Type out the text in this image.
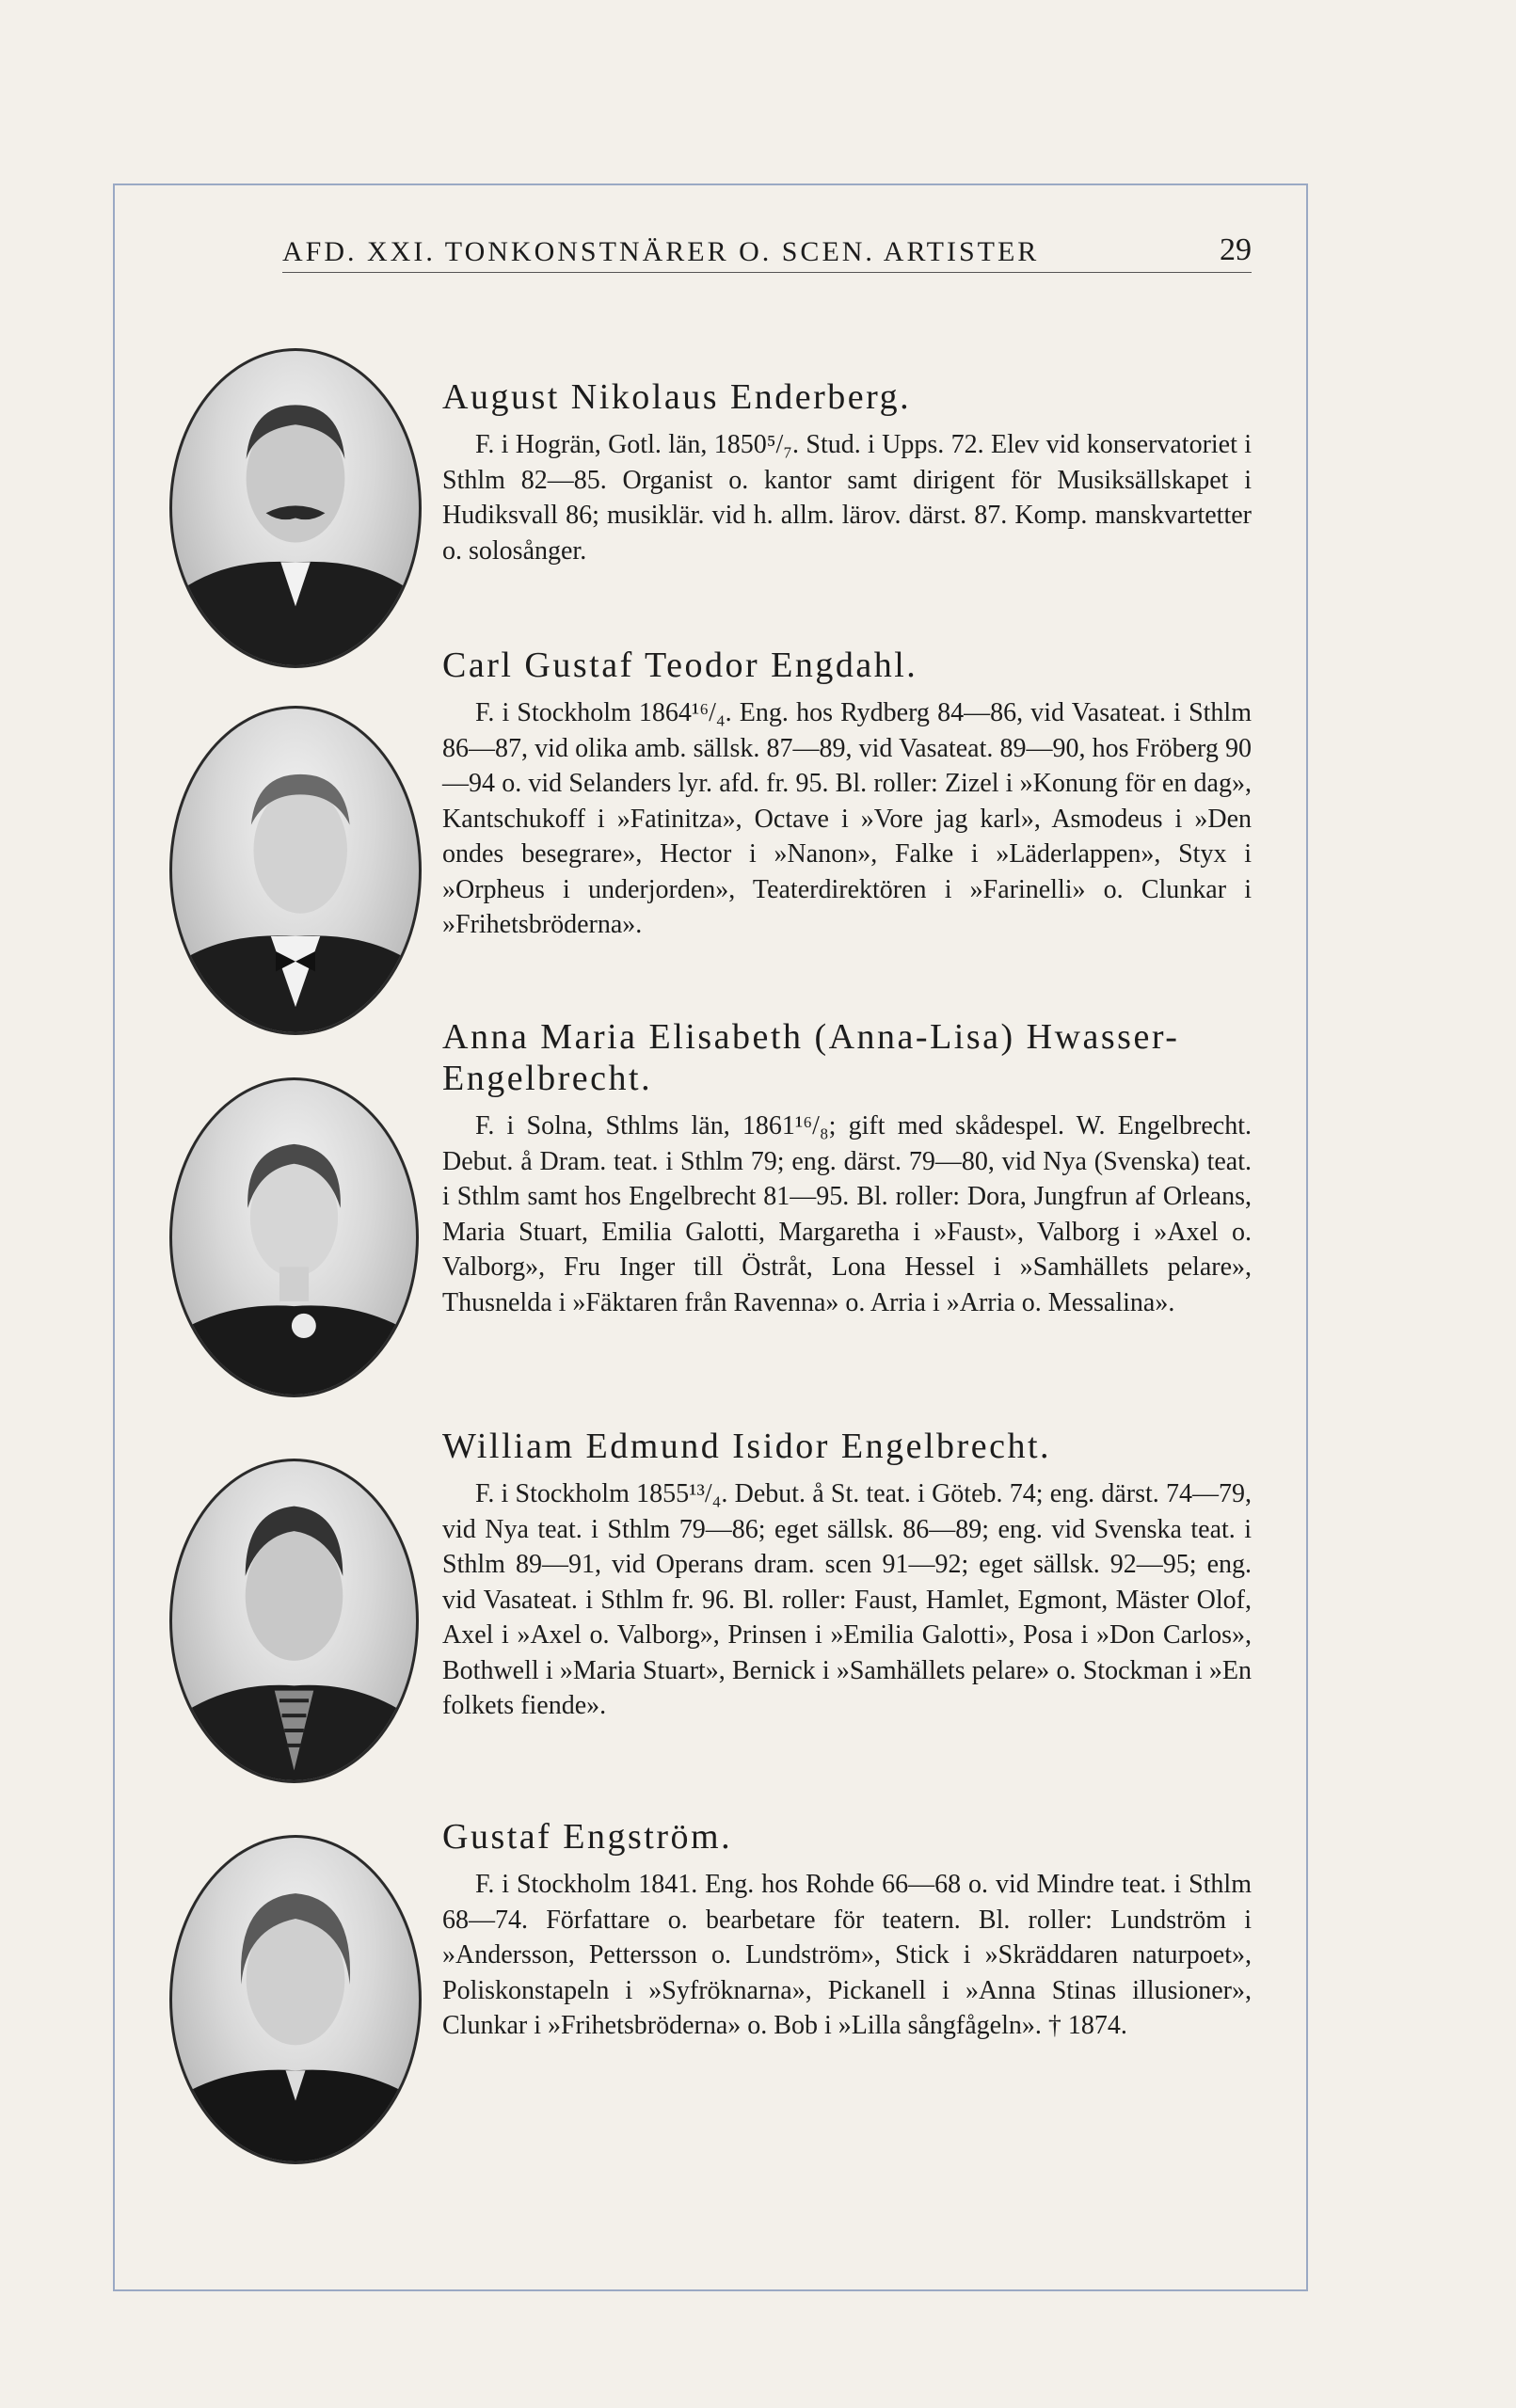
AFD. XXI. TONKONSTNÄRER O. SCEN. ARTISTER	29
August Nikolaus Enderberg.

F. i Hogrän, Gotl. län, 1850⁵/₇. Stud. i Upps. 72. Elev vid konservatoriet i Sthlm 82—85. Organist o. kantor samt dirigent för Musiksällskapet i Hudiksvall 86; musiklär. vid h. allm. lärov. därst. 87. Komp. manskvartetter o. solosånger.

Carl Gustaf Teodor Engdahl.

F. i Stockholm 1864¹⁶/₄. Eng. hos Rydberg 84—86, vid Vasateat. i Sthlm 86—87, vid olika amb. sällsk. 87—89, vid Vasateat. 89—90, hos Fröberg 90—94 o. vid Selanders lyr. afd. fr. 95. Bl. roller: Zizel i »Konung för en dag», Kantschukoff i »Fatinitza», Octave i »Vore jag karl», Asmodeus i »Den ondes besegrare», Hector i »Nanon», Falke i »Läderlappen», Styx i »Orpheus i underjorden», Teaterdirektören i »Farinelli» o. Clunkar i »Frihetsbröderna».

Anna Maria Elisabeth (Anna-Lisa) Hwasser-Engelbrecht.

F. i Solna, Sthlms län, 1861¹⁶/₈; gift med skådespel. W. Engelbrecht. Debut. å Dram. teat. i Sthlm 79; eng. därst. 79—80, vid Nya (Svenska) teat. i Sthlm samt hos Engelbrecht 81—95. Bl. roller: Dora, Jungfrun af Orleans, Maria Stuart, Emilia Galotti, Margaretha i »Faust», Valborg i »Axel o. Valborg», Fru Inger till Östråt, Lona Hessel i »Samhällets pelare», Thusnelda i »Fäktaren från Ravenna» o. Arria i »Arria o. Messalina».

William Edmund Isidor Engelbrecht.

F. i Stockholm 1855¹³/₄. Debut. å St. teat. i Göteb. 74; eng. därst. 74—79, vid Nya teat. i Sthlm 79—86; eget sällsk. 86—89; eng. vid Svenska teat. i Sthlm 89—91, vid Operans dram. scen 91—92; eget sällsk. 92—95; eng. vid Vasateat. i Sthlm fr. 96. Bl. roller: Faust, Hamlet, Egmont, Mäster Olof, Axel i »Axel o. Valborg», Prinsen i »Emilia Galotti», Posa i »Don Carlos», Bothwell i »Maria Stuart», Bernick i »Samhällets pelare» o. Stockman i »En folkets fiende».

Gustaf Engström.

F. i Stockholm 1841. Eng. hos Rohde 66—68 o. vid Mindre teat. i Sthlm 68—74. Författare o. bearbetare för teatern. Bl. roller: Lundström i »Andersson, Pettersson o. Lundström», Stick i »Skräddaren naturpoet», Poliskonstapeln i »Syfröknarna», Pickanell i »Anna Stinas illusioner», Clunkar i »Frihetsbröderna» o. Bob i »Lilla sångfågeln». † 1874.
